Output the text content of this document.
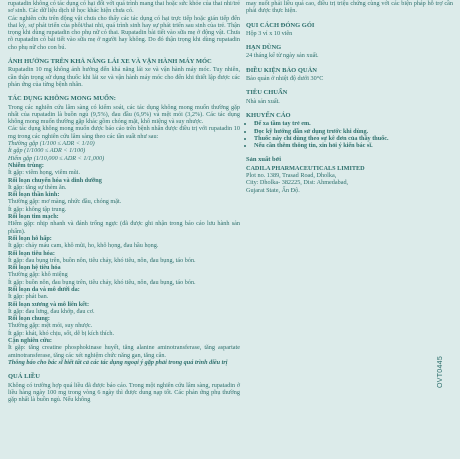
rupatadin không có tác dụng có hại đối với quá trình mang thai hoặc sức khỏe của thai nhi/trẻ sơ sinh. Các dữ liệu dịch tễ học khác hiện chưa có.

Các nghiên cứu trên động vật chưa cho thấy các tác dụng có hại trực tiếp hoặc gián tiếp đến thai kỳ, sự phát triển của phôi/thai nhi, quá trình sinh hay sự phát triển sau sinh của trẻ. Thận trọng khi dùng rupatadin cho phụ nữ có thai. Rupatadin bài tiết vào sữa mẹ ở động vật. Chưa rõ rupatadin có bài tiết vào sữa mẹ ở người hay không. Do đó thận trọng khi dùng rupatadin cho phụ nữ cho con bú.

ẢNH HƯỞNG TRÊN KHẢ NĂNG LÁI XE VÀ VẬN HÀNH MÁY MÓC

Rupatadin 10 mg không ảnh hưởng đến khả năng lái xe và vận hành máy móc. Tuy nhiên, cần thận trọng sử dụng thuốc khi lái xe và vận hành máy móc cho đến khi thiết lập được các phản ứng của từng bệnh nhân.

TÁC DỤNG KHÔNG MONG MUỐN:

Trong các nghiên cứu lâm sàng có kiểm soát, các tác dụng không mong muốn thường gặp nhất của rupatadin là buồn ngủ (9,5%), đau đầu (6,9%) và mệt mỏi (3,2%). Các tác dụng không mong muốn thường gặp khác gồm chóng mặt, khô miệng và suy nhược.

Các tác dụng không mong muốn được báo cáo trên bệnh nhân được điều trị với rupatadin 10 mg trong các nghiên cứu lâm sàng theo các tần suất như sau:

Thường gặp (1/100 ≤ ADR < 1/10)

Ít gặp (1/1000 ≤ ADR < 1/100)

Hiếm gặp (1/10,000 ≤ ADR < 1/1,000)

Nhiễm trùng:

Ít gặp: viêm họng, viêm mũi.

Rối loạn chuyển hóa và dinh dưỡng

Ít gặp: tăng sự thèm ăn.

Rối loạn thần kinh:

Thường gặp: mơ màng, nhức đầu, chóng mặt.
Ít gặp: không tập trung.

Rối loạn tim mạch:

Hiếm gặp: nhịp nhanh và đánh trống ngực (đã được ghi nhận trong báo cáo lưu hành sản phẩm).

Rối loạn hô hấp:

Ít gặp: chảy máu cam, khô mũi, ho, khô họng, đau hầu họng.

Rối loạn tiêu hóa:

Ít gặp: đau bụng trên, buồn nôn, tiêu chảy, khó tiêu, nôn, đau bụng, táo bón.

Rối loạn hệ tiêu hóa

Thường gặp: khô miệng
Ít gặp: buồn nôn, đau bụng trên, tiêu chảy, khó tiêu, nôn, đau bụng, táo bón.

Rối loạn da và mô dưới da:

Ít gặp: phát ban.

Rối loạn xương và mô liên kết:

Ít gặp: đau lưng, đau khớp, đau cơ.

Rối loạn chung:

Thường gặp: mệt mỏi, suy nhược.
Ít gặp: khát, khó chịu, sốt, dễ bị kích thích.

Cận nghiên cứu:

Ít gặp: tăng creatine phosphokinase huyết, tăng alanine aminotransferase, tăng aspartate aminotransferase, tăng các xét nghiệm chức năng gan, tăng cân.

Thông báo cho bác sĩ biết tất cả các tác dụng ngoại ý gặp phải trong quá trình điều trị

QUÁ LIỀU

Không có trường hợp quá liều đã được báo cáo. Trong một nghiên cứu lâm sàng, rupatadin ở liều hàng ngày 100 mg trong vòng 6 ngày thì được dung nạp tốt. Các phản ứng phụ thường gặp nhất là buồn ngủ. Nếu không

may nuốt phải liều quá cao, điều trị triệu chứng cùng với các biện pháp hỗ trợ cần phải được thực hiện.

QUI CÁCH ĐÓNG GÓI

Hộp 3 vỉ x 10 viên

HẠN DÙNG

24 tháng kể từ ngày sản xuất.

ĐIỀU KIỆN BẢO QUẢN

Bảo quản ở nhiệt độ dưới 30°C

TIÊU CHUẨN

Nhà sản xuất.

KHUYẾN CÁO
• Để xa tầm tay trẻ em.
• Đọc kỹ hướng dẫn sử dụng trước khi dùng.
• Thuốc này chỉ dùng theo sự kê đơn của thầy thuốc.
• Nếu cần thêm thông tin, xin hỏi ý kiến bác sĩ.
Sản xuất bởi

CADILA PHARMACEUTICALS LIMITED

Plot no. 1389, Trasad Road, Dholka,

City: Dholka- 382225, Dist: Ahmedabad,

Gujarat State, Ấn Độ.

OVT0445
